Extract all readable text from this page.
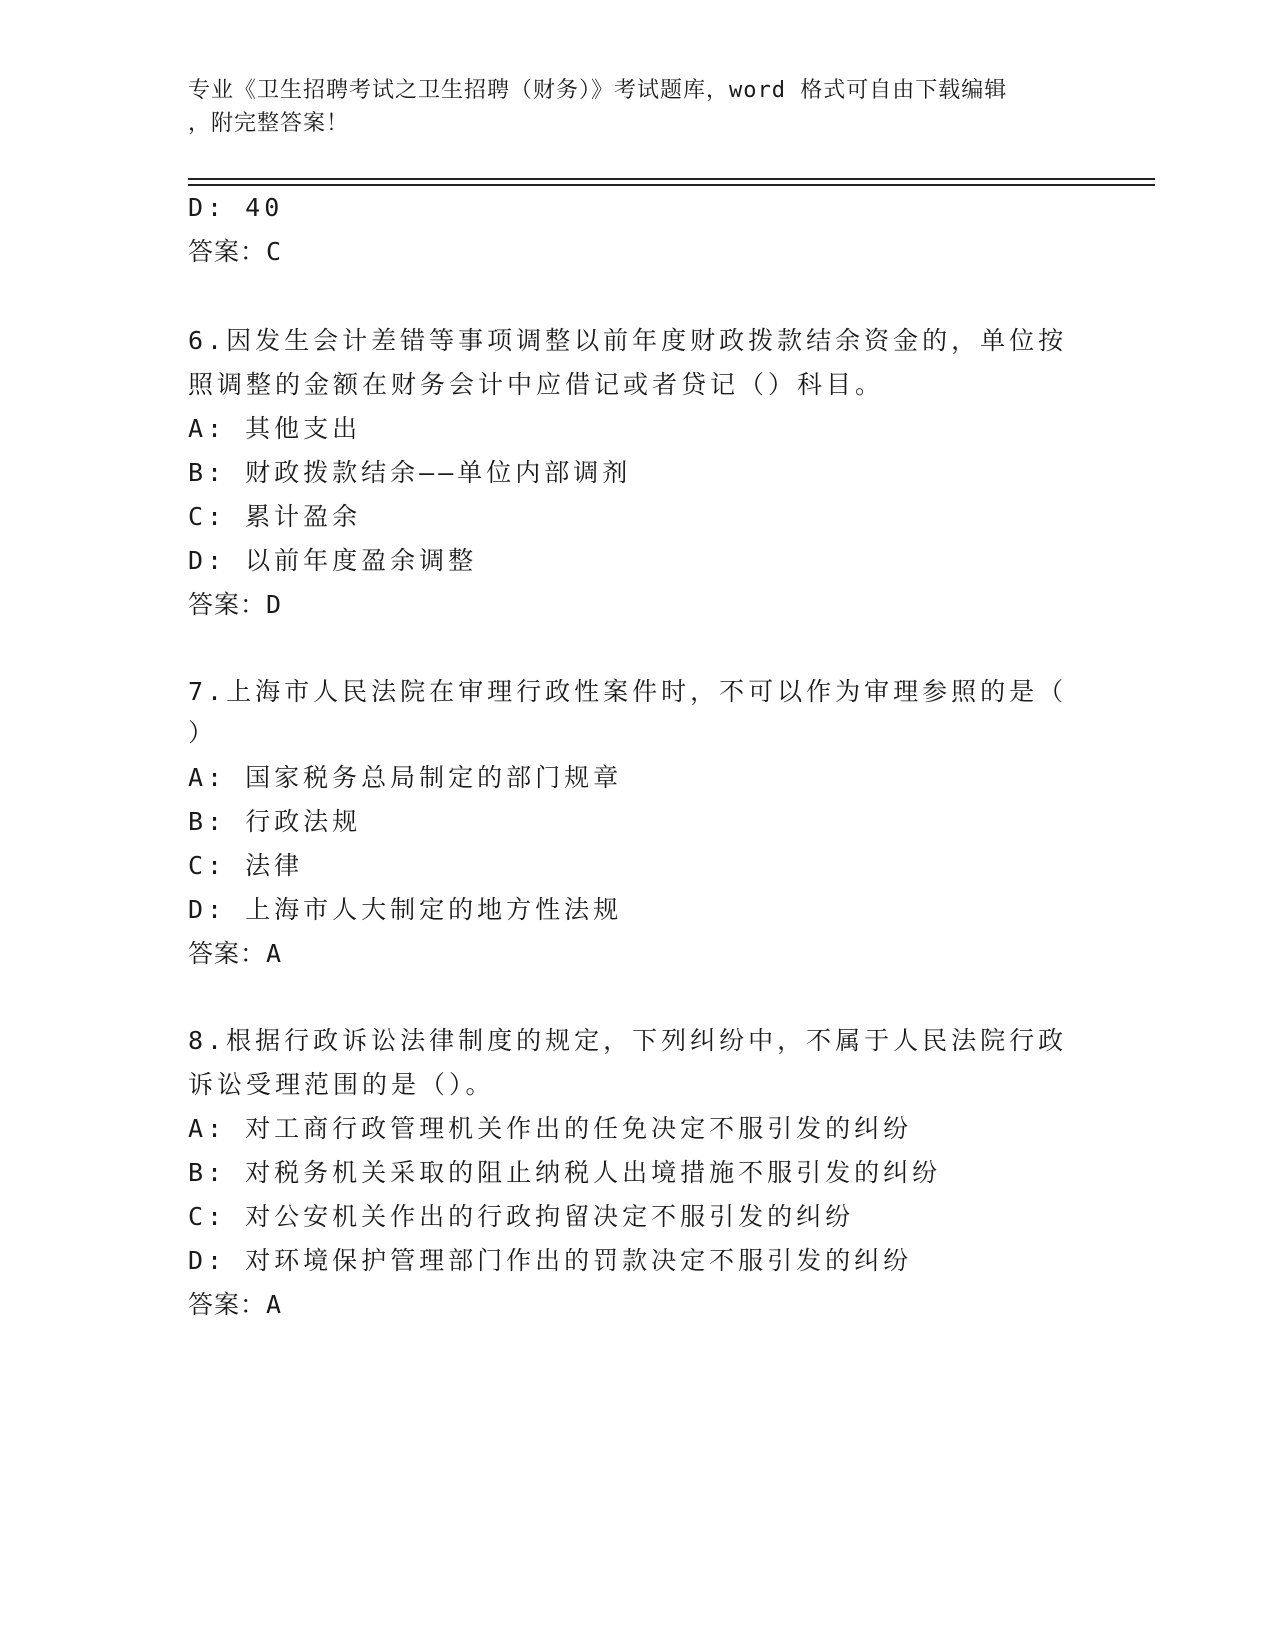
专业《卫生招聘考试之卫生招聘（财务）》考试题库，word 格式可自由下载编辑
，附完整答案！
D: 40
答案：C
6.因发生会计差错等事项调整以前年度财政拨款结余资金的，单位按
照调整的金额在财务会计中应借记或者贷记（）科目。
A: 其他支出
B: 财政拨款结余——单位内部调剂
C: 累计盈余
D: 以前年度盈余调整
答案：D
7.上海市人民法院在审理行政性案件时，不可以作为审理参照的是（
）
A: 国家税务总局制定的部门规章
B: 行政法规
C: 法律
D: 上海市人大制定的地方性法规
答案：A
8.根据行政诉讼法律制度的规定，下列纠纷中，不属于人民法院行政
诉讼受理范围的是（）。
A: 对工商行政管理机关作出的任免决定不服引发的纠纷
B: 对税务机关采取的阻止纳税人出境措施不服引发的纠纷
C: 对公安机关作出的行政拘留决定不服引发的纠纷
D: 对环境保护管理部门作出的罚款决定不服引发的纠纷
答案：A
